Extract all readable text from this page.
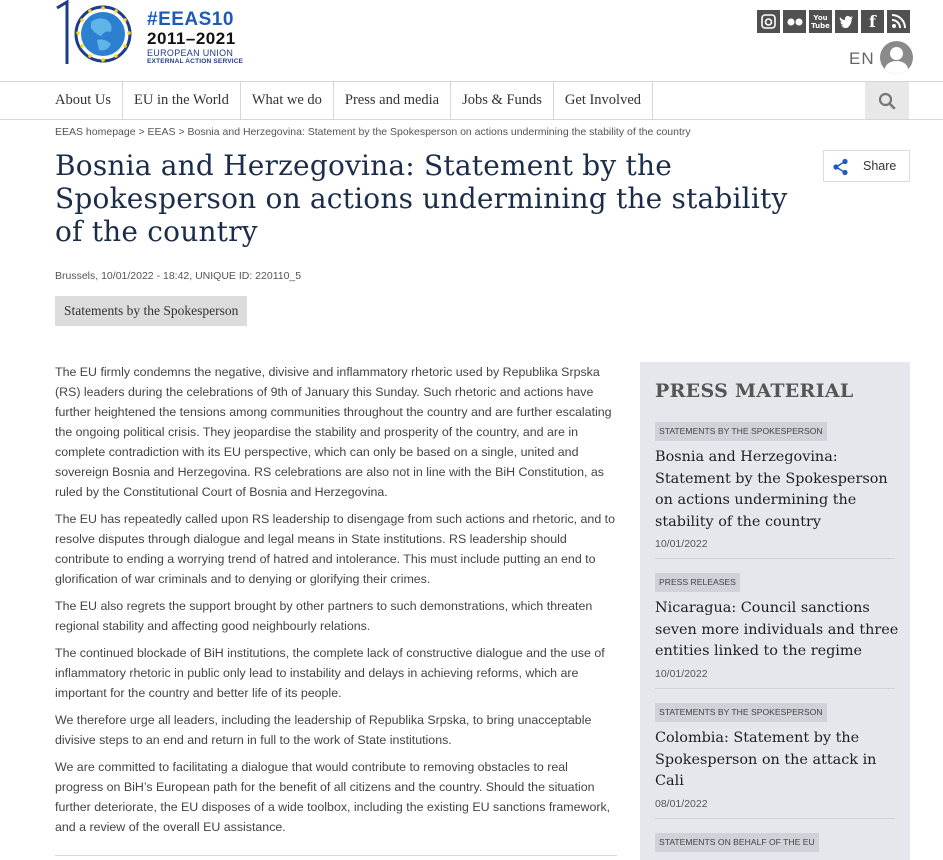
#EEAS10
2011–2021
EUROPEAN UNION
EXTERNAL ACTION SERVICE
You
Tube	f
EN
About Us	EU in the World	What we do	Press and media	Jobs & Funds	Get Involved
EEAS homepage > EEAS > Bosnia and Herzegovina: Statement by the Spokesperson on actions undermining the stability of the country
Bosnia and Herzegovina: Statement by the Spokesperson on actions undermining the stability of the country
Share
Brussels, 10/01/2022 - 18:42, UNIQUE ID: 220110_5
Statements by the Spokesperson

The EU firmly condemns the negative, divisive and inflammatory rhetoric used by Republika Srpska (RS) leaders during the celebrations of 9th of January this Sunday. Such rhetoric and actions have further heightened the tensions among communities throughout the country and are further escalating the ongoing political crisis. They jeopardise the stability and prosperity of the country, and are in complete contradiction with its EU perspective, which can only be based on a single, united and sovereign Bosnia and Herzegovina. RS celebrations are also not in line with the BiH Constitution, as ruled by the Constitutional Court of Bosnia and Herzegovina.

The EU has repeatedly called upon RS leadership to disengage from such actions and rhetoric, and to resolve disputes through dialogue and legal means in State institutions. RS leadership should contribute to ending a worrying trend of hatred and intolerance. This must include putting an end to glorification of war criminals and to denying or glorifying their crimes.

The EU also regrets the support brought by other partners to such demonstrations, which threaten regional stability and affecting good neighbourly relations.

The continued blockade of BiH institutions, the complete lack of constructive dialogue and the use of inflammatory rhetoric in public only lead to instability and delays in achieving reforms, which are important for the country and better life of its people.

We therefore urge all leaders, including the leadership of Republika Srpska, to bring unacceptable divisive steps to an end and return in full to the work of State institutions.

We are committed to facilitating a dialogue that would contribute to removing obstacles to real progress on BiH’s European path for the benefit of all citizens and the country. Should the situation further deteriorate, the EU disposes of a wide toolbox, including the existing EU sanctions framework, and a review of the overall EU assistance.

PRESS MATERIAL
STATEMENTS BY THE SPOKESPERSON
Bosnia and Herzegovina: Statement by the Spokesperson on actions undermining the stability of the country
10/01/2022
PRESS RELEASES
Nicaragua: Council sanctions seven more individuals and three entities linked to the regime
10/01/2022
STATEMENTS BY THE SPOKESPERSON
Colombia: Statement by the Spokesperson on the attack in Cali
08/01/2022
STATEMENTS ON BEHALF OF THE EU
